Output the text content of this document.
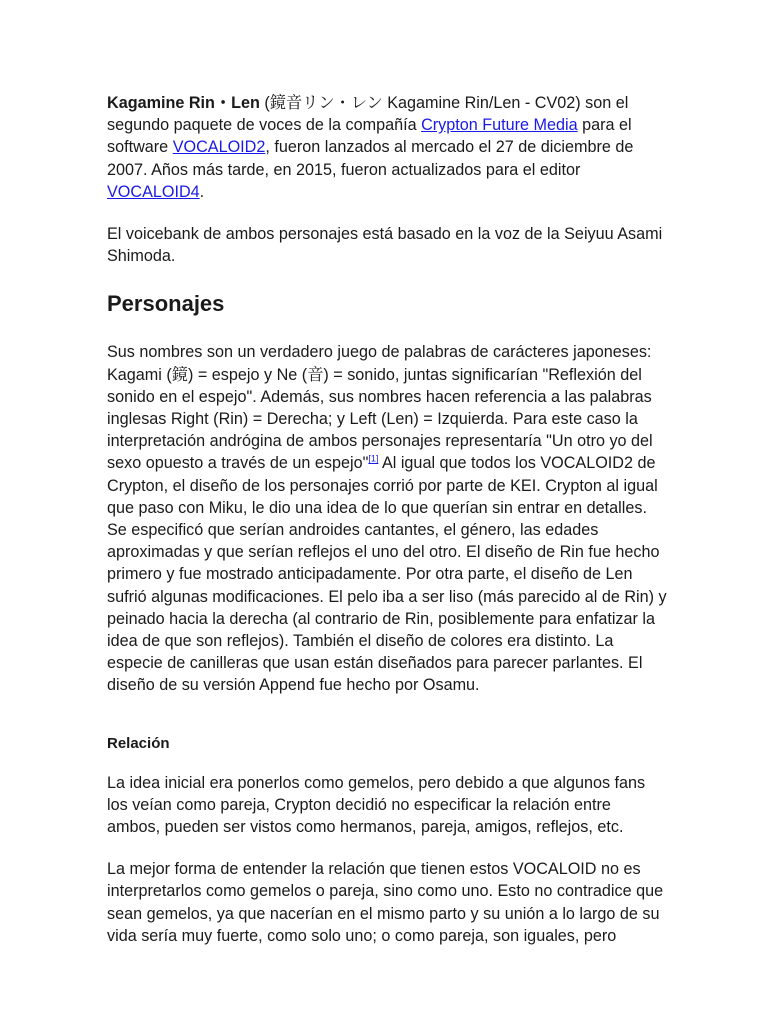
Kagamine Rin・Len (鏡音リン・レン Kagamine Rin/Len - CV02) son el segundo paquete de voces de la compañía Crypton Future Media para el software VOCALOID2, fueron lanzados al mercado el 27 de diciembre de 2007. Años más tarde, en 2015, fueron actualizados para el editor VOCALOID4.

El voicebank de ambos personajes está basado en la voz de la Seiyuu Asami Shimoda.

Personajes

Sus nombres son un verdadero juego de palabras de carácteres japoneses: Kagami (鏡) = espejo y Ne (音) = sonido, juntas significarían "Reflexión del sonido en el espejo". Además, sus nombres hacen referencia a las palabras inglesas Right (Rin) = Derecha; y Left (Len) = Izquierda. Para este caso la interpretación andrógina de ambos personajes representaría "Un otro yo del sexo opuesto a través de un espejo"[1] Al igual que todos los VOCALOID2 de Crypton, el diseño de los personajes corrió por parte de KEI. Crypton al igual que paso con Miku, le dio una idea de lo que querían sin entrar en detalles. Se especificó que serían androides cantantes, el género, las edades aproximadas y que serían reflejos el uno del otro. El diseño de Rin fue hecho primero y fue mostrado anticipadamente. Por otra parte, el diseño de Len sufrió algunas modificaciones. El pelo iba a ser liso (más parecido al de Rin) y peinado hacia la derecha (al contrario de Rin, posiblemente para enfatizar la idea de que son reflejos). También el diseño de colores era distinto. La especie de canilleras que usan están diseñados para parecer parlantes. El diseño de su versión Append fue hecho por Osamu.

Relación

La idea inicial era ponerlos como gemelos, pero debido a que algunos fans los veían como pareja, Crypton decidió no especificar la relación entre ambos, pueden ser vistos como hermanos, pareja, amigos, reflejos, etc.

La mejor forma de entender la relación que tienen estos VOCALOID no es interpretarlos como gemelos o pareja, sino como uno. Esto no contradice que sean gemelos, ya que nacerían en el mismo parto y su unión a lo largo de su vida sería muy fuerte, como solo uno; o como pareja, son iguales, pero
